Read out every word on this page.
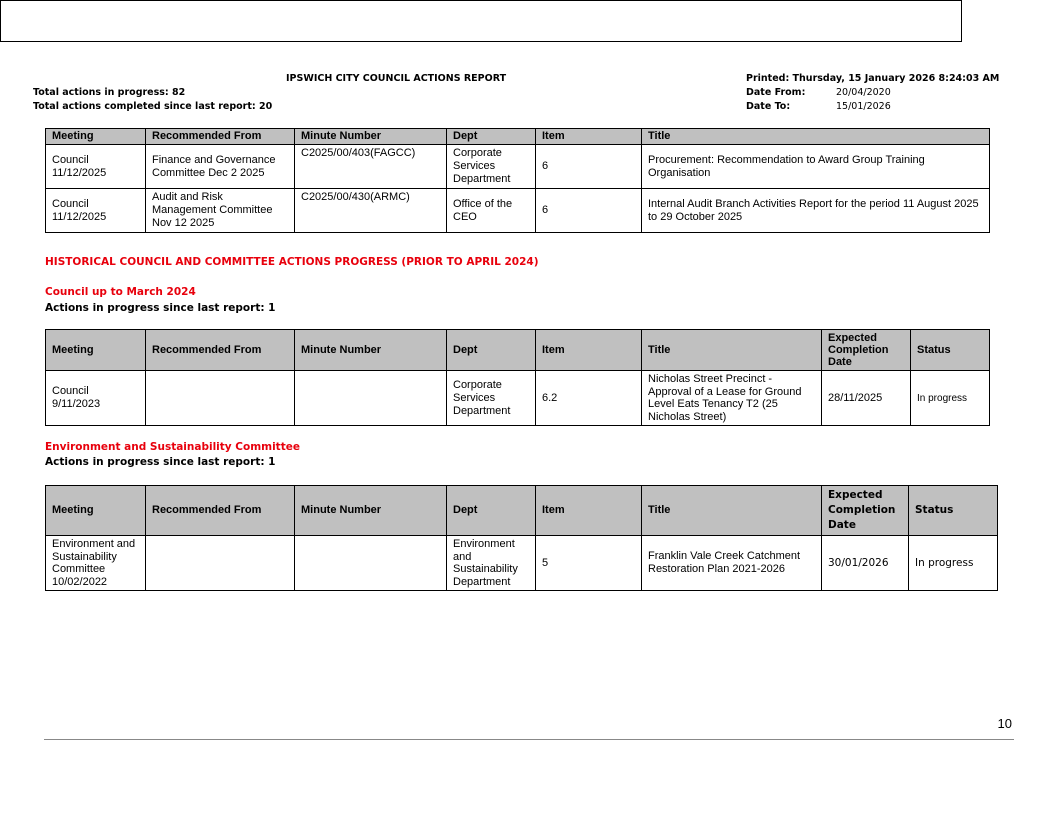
IPSWICH CITY COUNCIL ACTIONS REPORT
Total actions in progress: 82
Total actions completed since last report: 20
Printed: Thursday, 15 January 2026 8:24:03 AM
Date From:	20/04/2020
Date To:	15/01/2026
Meeting	Recommended From	Minute Number	Dept	Item	Title
Council
11/12/2025	Finance and Governance Committee Dec 2 2025	C2025/00/403(FAGCC)	Corporate Services Department	6	Procurement: Recommendation to Award Group Training Organisation
Council
11/12/2025	Audit and Risk Management Committee Nov 12 2025	C2025/00/430(ARMC)	Office of the CEO	6	Internal Audit Branch Activities Report for the period 11 August 2025 to 29 October 2025
HISTORICAL COUNCIL AND COMMITTEE ACTIONS PROGRESS (PRIOR TO APRIL 2024)
Council up to March 2024
Actions in progress since last report: 1
Meeting	Recommended From	Minute Number	Dept	Item	Title	Expected Completion Date	Status
Council
9/11/2023			Corporate Services Department	6.2	Nicholas Street Precinct - Approval of a Lease for Ground Level Eats Tenancy T2 (25 Nicholas Street)	28/11/2025	In progress
Environment and Sustainability Committee
Actions in progress since last report: 1
Meeting	Recommended From	Minute Number	Dept	Item	Title	Expected Completion Date	Status
Environment and Sustainability Committee 10/02/2022			Environment and Sustainability Department	5	Franklin Vale Creek Catchment Restoration Plan 2021-2026	30/01/2026	In progress
10
